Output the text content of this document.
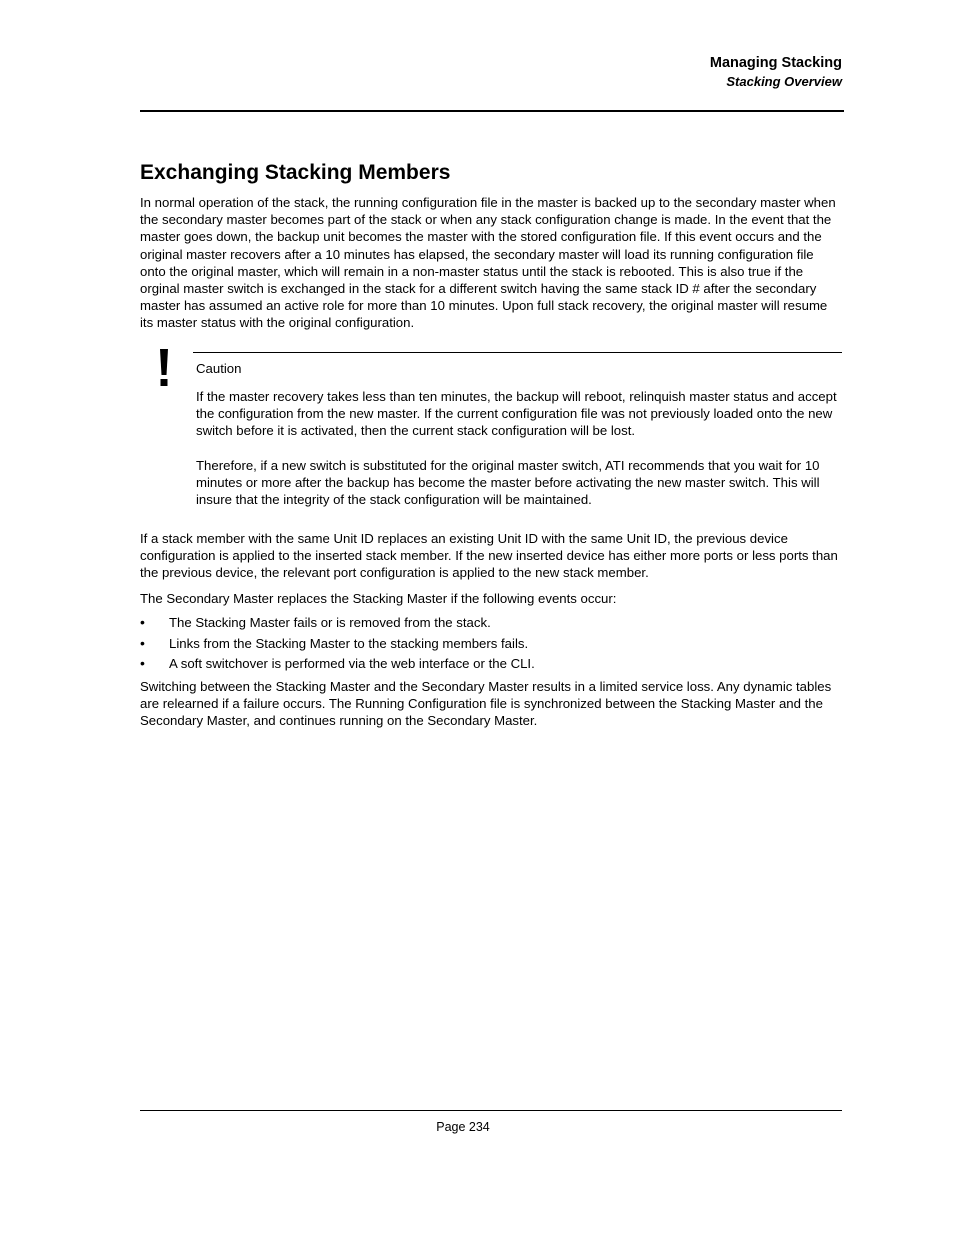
Managing Stacking
Stacking Overview
Exchanging Stacking Members

In normal operation of the stack, the running configuration file in the master is backed up to the secondary master when the secondary master becomes part of the stack or when any stack configuration change is made. In the event that the master goes down, the backup unit becomes the master with the stored configuration file. If this event occurs and the original master recovers after a 10 minutes has elapsed, the secondary master will load its running configuration file onto the original master, which will remain in a non-master status until the stack is rebooted. This is also true if the orginal master switch is exchanged in the stack for a different switch having the same stack ID # after the secondary master has assumed an active role for more than 10 minutes. Upon full stack recovery, the original master will resume its master status with the original configuration.

Caution

If the master recovery takes less than ten minutes, the backup will reboot, relinquish master status and accept the configuration from the new master. If the current configuration file was not previously loaded onto the new switch before it is activated, then the current stack configuration will be lost.

Therefore, if a new switch is substituted for the original master switch, ATI recommends that you wait for 10 minutes or more after the backup has become the master before activating the new master switch. This will insure that the integrity of the stack configuration will be maintained.

If a stack member with the same Unit ID replaces an existing Unit ID with the same Unit ID, the previous device configuration is applied to the inserted stack member. If the new inserted device has either more ports or less ports than the previous device, the relevant port configuration is applied to the new stack member.

The Secondary Master replaces the Stacking Master if the following events occur:

• The Stacking Master fails or is removed from the stack.
• Links from the Stacking Master to the stacking members fails.
• A soft switchover is performed via the web interface or the CLI.

Switching between the Stacking Master and the Secondary Master results in a limited service loss. Any dynamic tables are relearned if a failure occurs. The Running Configuration file is synchronized between the Stacking Master and the Secondary Master, and continues running on the Secondary Master.

Page 234
